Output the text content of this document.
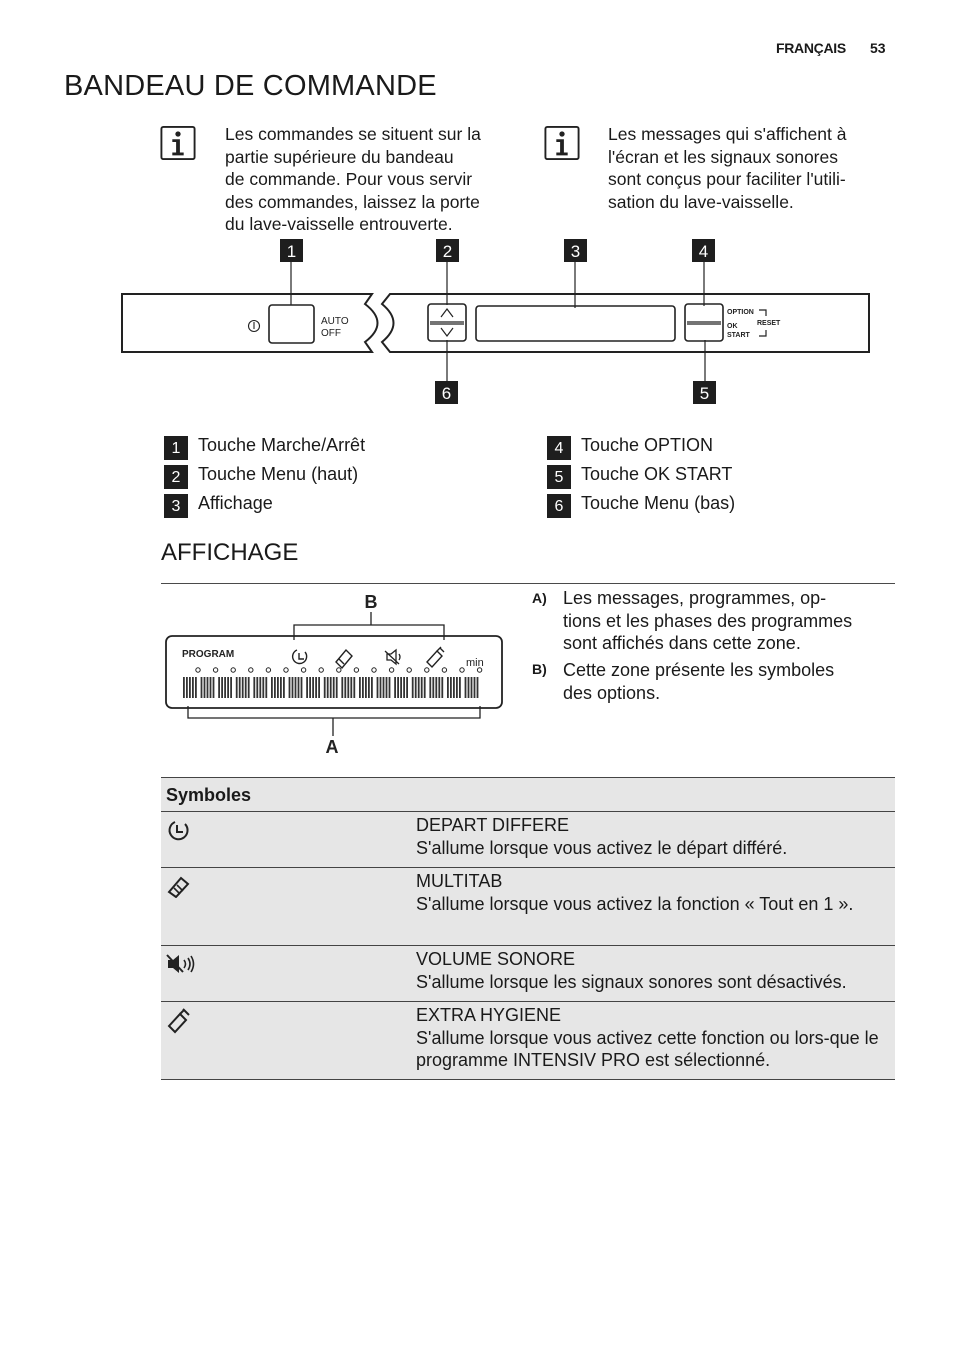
FRANÇAIS 53
BANDEAU DE COMMANDE
Les commandes se situent sur la
partie supérieure du bandeau
de commande. Pour vous servir
des commandes, laissez la porte
du lave-vaisselle entrouverte.
Les messages qui s'affichent à
l'écran et les signaux sonores
sont conçus pour faciliter l'utili-
sation du lave-vaisselle.
AUTO
OFF
OPTION
OK
START
RESET
1	2	3	4
5
6
1 Touche Marche/Arrêt
2 Touche Menu (haut)
3 Affichage
4 Touche OPTION
5 Touche OK START
6 Touche Menu (bas)
AFFICHAGE
B
PROGRAM
min
A
A) Les messages, programmes, op-
tions et les phases des programmes
sont affichés dans cette zone.
B) Cette zone présente les symboles
des options.
Symboles	

DEPART DIFFERE
S'allume lorsque vous activez le départ différé.

MULTITAB
S'allume lorsque vous activez la fonction « Tout en 1 ».

VOLUME SONORE
S'allume lorsque les signaux sonores sont désactivés.

EXTRA HYGIENE
S'allume lorsque vous activez cette fonction ou lors-que le programme INTENSIV PRO est sélectionné.
